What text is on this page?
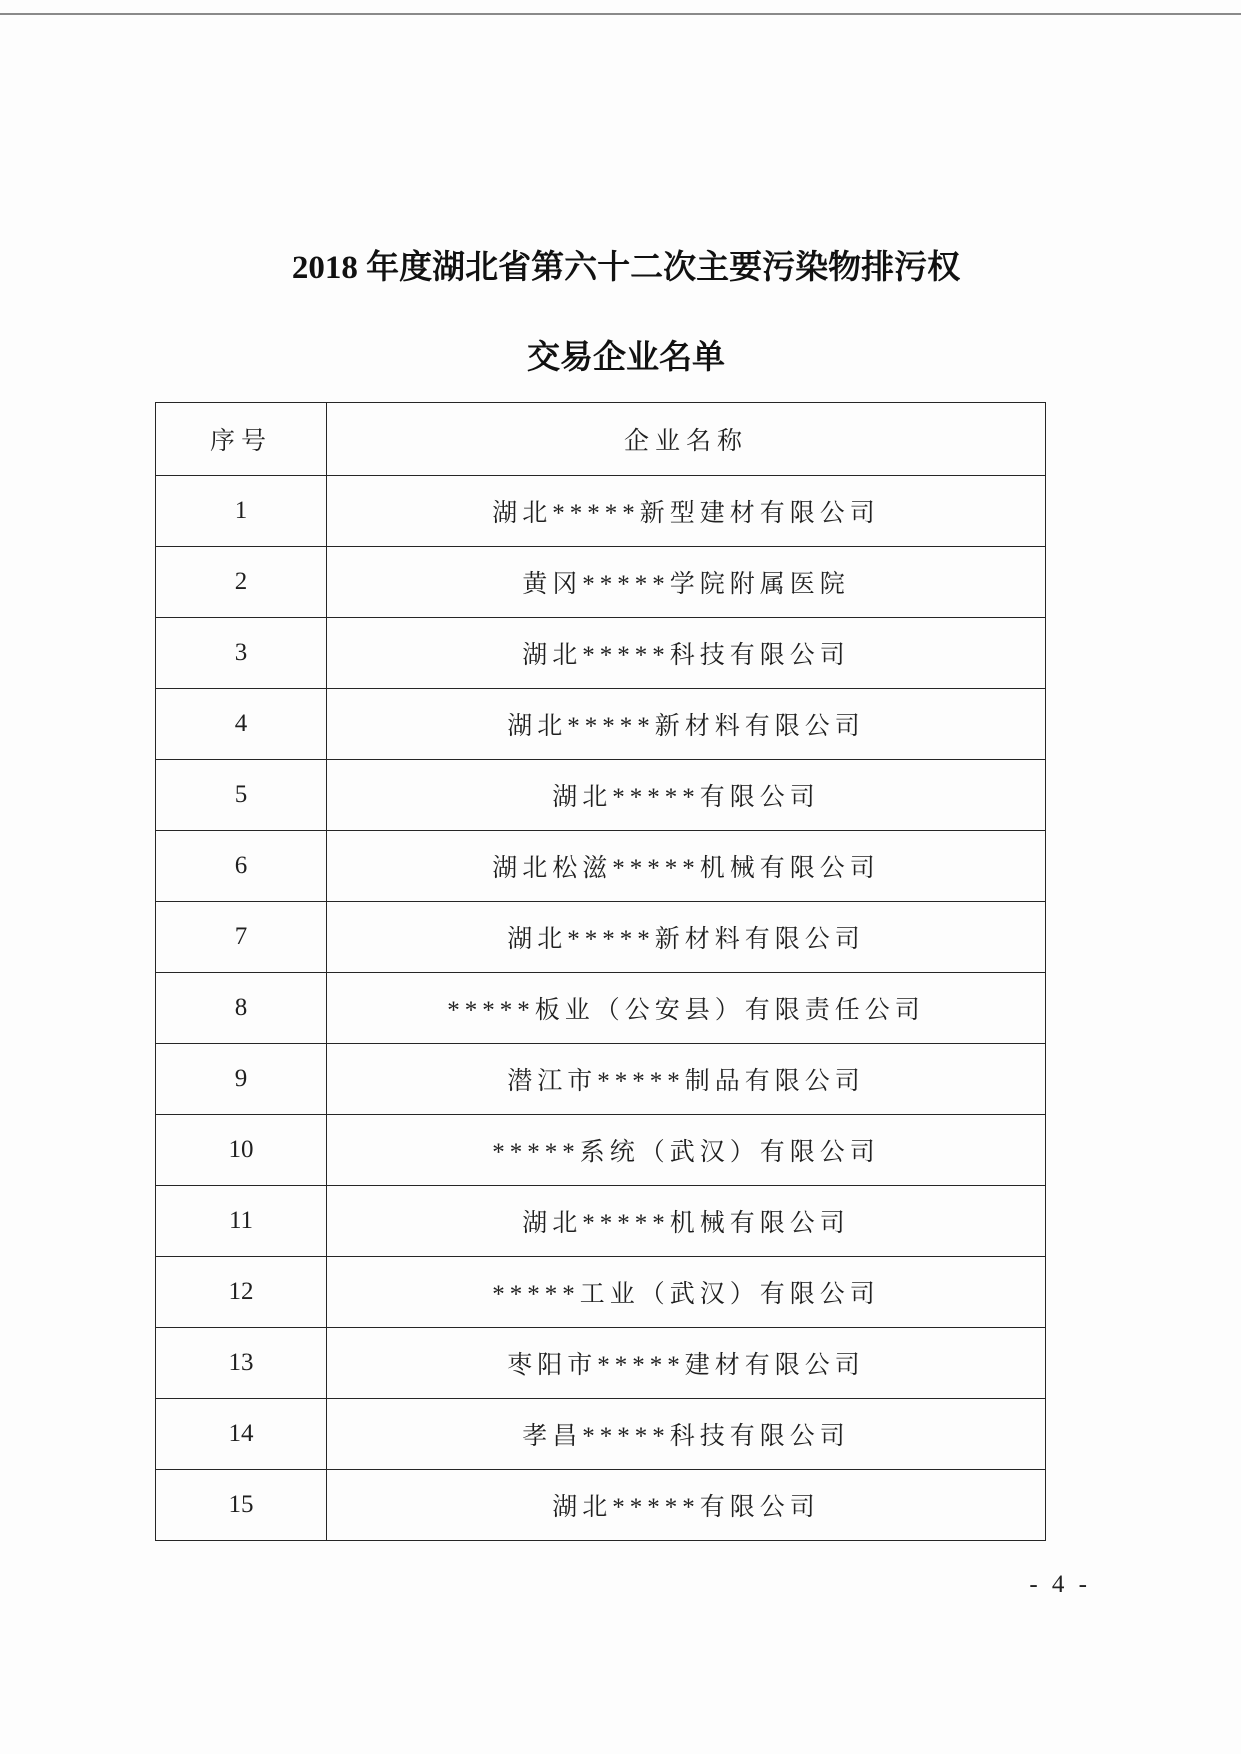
2018 年度湖北省第六十二次主要污染物排污权
交易企业名单
序号	企业名称
1	湖北*****新型建材有限公司
2	黄冈*****学院附属医院
3	湖北*****科技有限公司
4	湖北*****新材料有限公司
5	湖北*****有限公司
6	湖北松滋*****机械有限公司
7	湖北*****新材料有限公司
8	*****板业（公安县）有限责任公司
9	潜江市*****制品有限公司
10	*****系统（武汉）有限公司
11	湖北*****机械有限公司
12	*****工业（武汉）有限公司
13	枣阳市*****建材有限公司
14	孝昌*****科技有限公司
15	湖北*****有限公司
- 4 -
